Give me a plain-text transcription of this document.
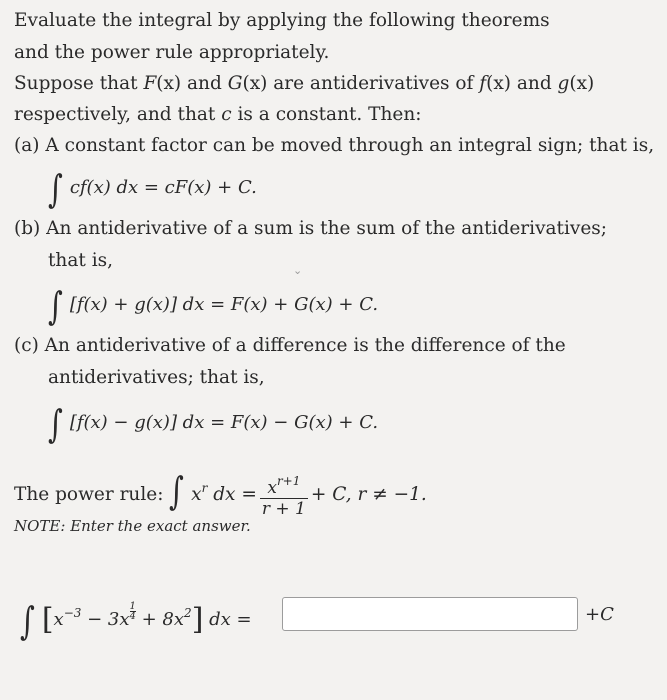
Evaluate the integral by applying the following theorems
and the power rule appropriately.
Suppose that F(x) and G(x) are antiderivatives of f(x) and g(x)
respectively, and that c is a constant. Then:
(a) A constant factor can be moved through an integral sign; that is,
∫ cf(x) dx = cF(x) + C.
(b) An antiderivative of a sum is the sum of the antiderivatives;
that is,	⌄
∫ [f(x) + g(x)] dx = F(x) + G(x) + C.
(c) An antiderivative of a difference is the difference of the
antiderivatives; that is,
∫ [f(x) − g(x)] dx = F(x) − G(x) + C.
The power rule: ∫ $x^r$ dx = $\frac{x^{r+1}}{r + 1} + C$, r ≠ −1.
NOTE: Enter the exact answer.
∫ $[x^{-3} - 3x \frac{1}{4} + 8x^2]$ dx =	+C
